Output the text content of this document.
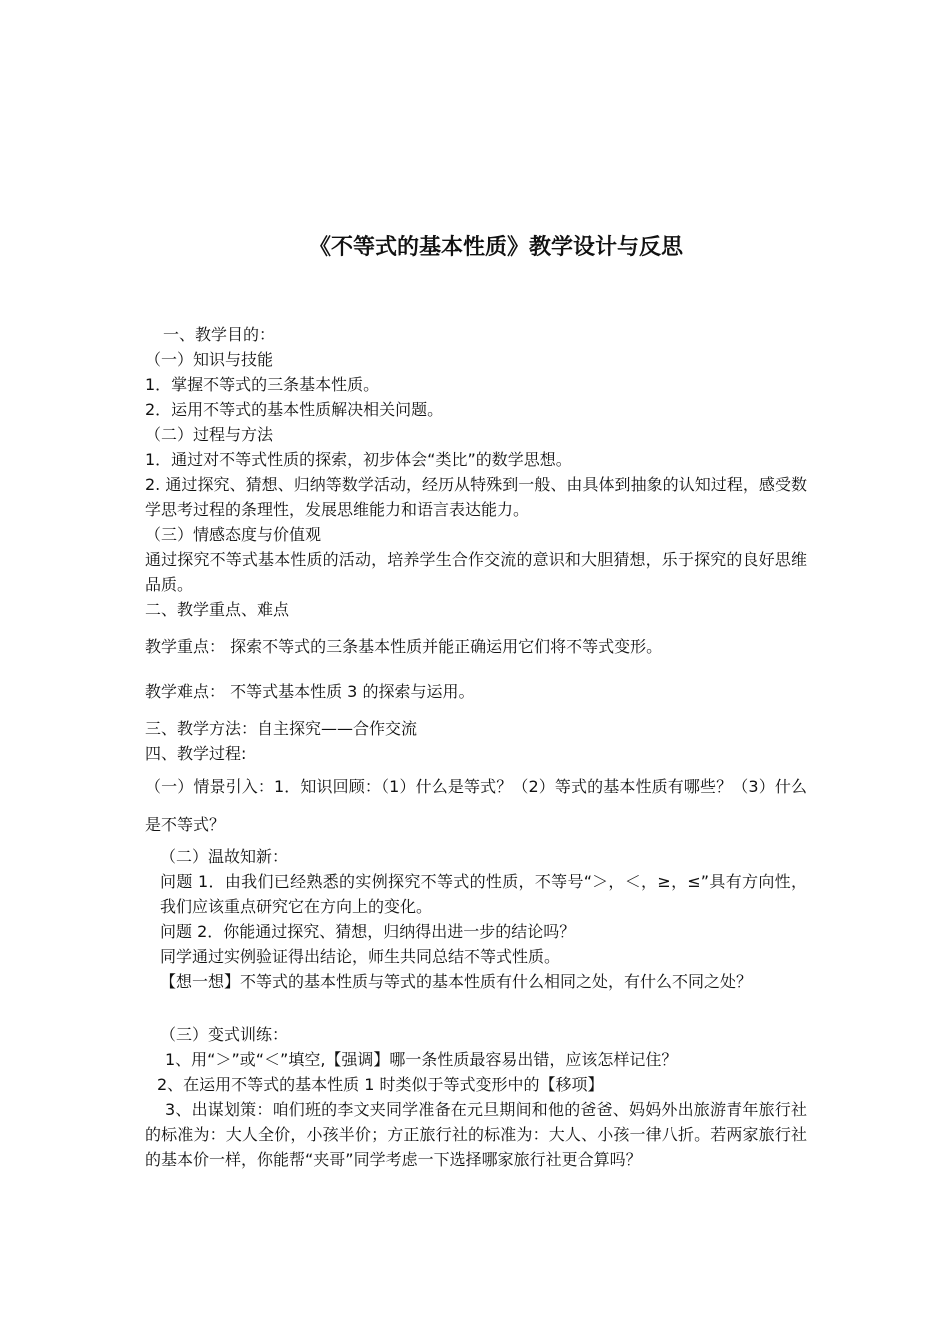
《不等式的基本性质》教学设计与反思
一、教学目的：
（一）知识与技能
1．掌握不等式的三条基本性质。
2．运用不等式的基本性质解决相关问题。
（二）过程与方法
1．通过对不等式性质的探索，初步体会“类比”的数学思想。
2. 通过探究、猜想、归纳等数学活动，经历从特殊到一般、由具体到抽象的认知过程，感受数学思考过程的条理性，发展思维能力和语言表达能力。
（三）情感态度与价值观
通过探究不等式基本性质的活动，培养学生合作交流的意识和大胆猜想，乐于探究的良好思维品质。
二、教学重点、难点
教学重点： 探索不等式的三条基本性质并能正确运用它们将不等式变形。
教学难点： 不等式基本性质 3 的探索与运用。
三、教学方法：自主探究——合作交流
四、教学过程:
（一）情景引入：1．知识回顾：（1）什么是等式？（2）等式的基本性质有哪些？（3）什么是不等式？
（二）温故知新：
问题 1．由我们已经熟悉的实例探究不等式的性质，不等号“＞，＜，≥，≤”具有方向性，我们应该重点研究它在方向上的变化。
问题 2．你能通过探究、猜想，归纳得出进一步的结论吗？
同学通过实例验证得出结论，师生共同总结不等式性质。
【想一想】不等式的基本性质与等式的基本性质有什么相同之处，有什么不同之处？
（三）变式训练：
1、用“＞”或“＜”填空,【强调】哪一条性质最容易出错，应该怎样记住？
2、在运用不等式的基本性质 1 时类似于等式变形中的【移项】
3、出谋划策：咱们班的李文夹同学准备在元旦期间和他的爸爸、妈妈外出旅游青年旅行社的标准为：大人全价，小孩半价；方正旅行社的标准为：大人、小孩一律八折。若两家旅行社的基本价一样，你能帮“夹哥”同学考虑一下选择哪家旅行社更合算吗？
